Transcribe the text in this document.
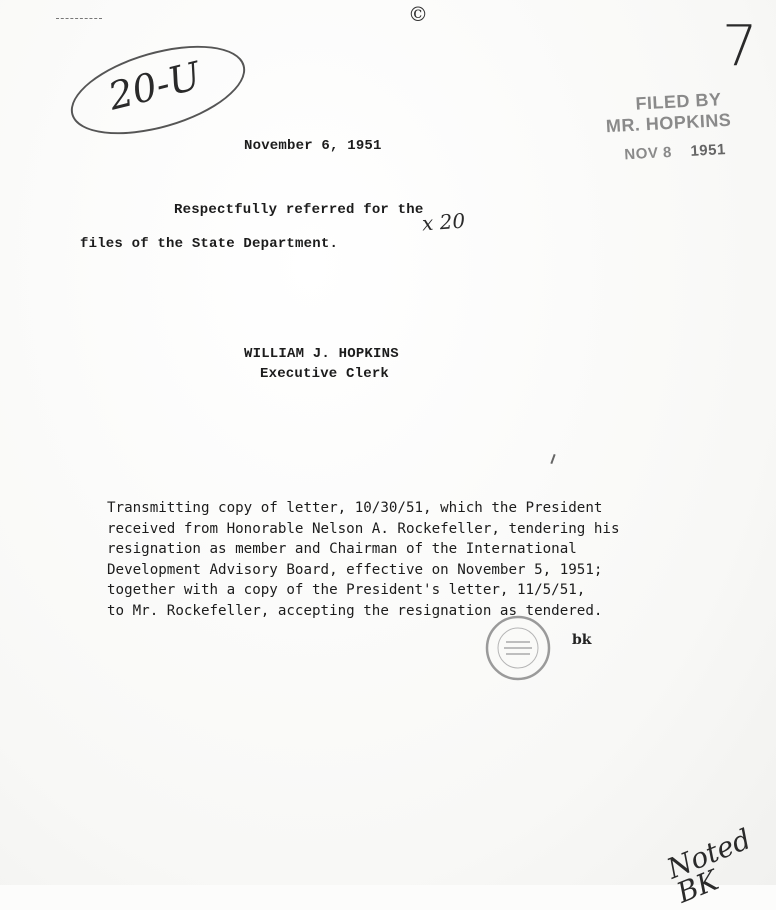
©
20-U
7
FILED BY
MR. HOPKINS
NOV 8 1951
November 6, 1951
Respectfully referred for the
files of the State Department.
x 20
WILLIAM J. HOPKINS
Executive Clerk
Transmitting copy of letter, 10/30/51, which the President
received from Honorable Nelson A. Rockefeller, tendering his
resignation as member and Chairman of the International
Development Advisory Board, effective on November 5, 1951;
together with a copy of the President's letter, 11/5/51,
to Mr. Rockefeller, accepting the resignation as tendered.
bk
Noted BK
